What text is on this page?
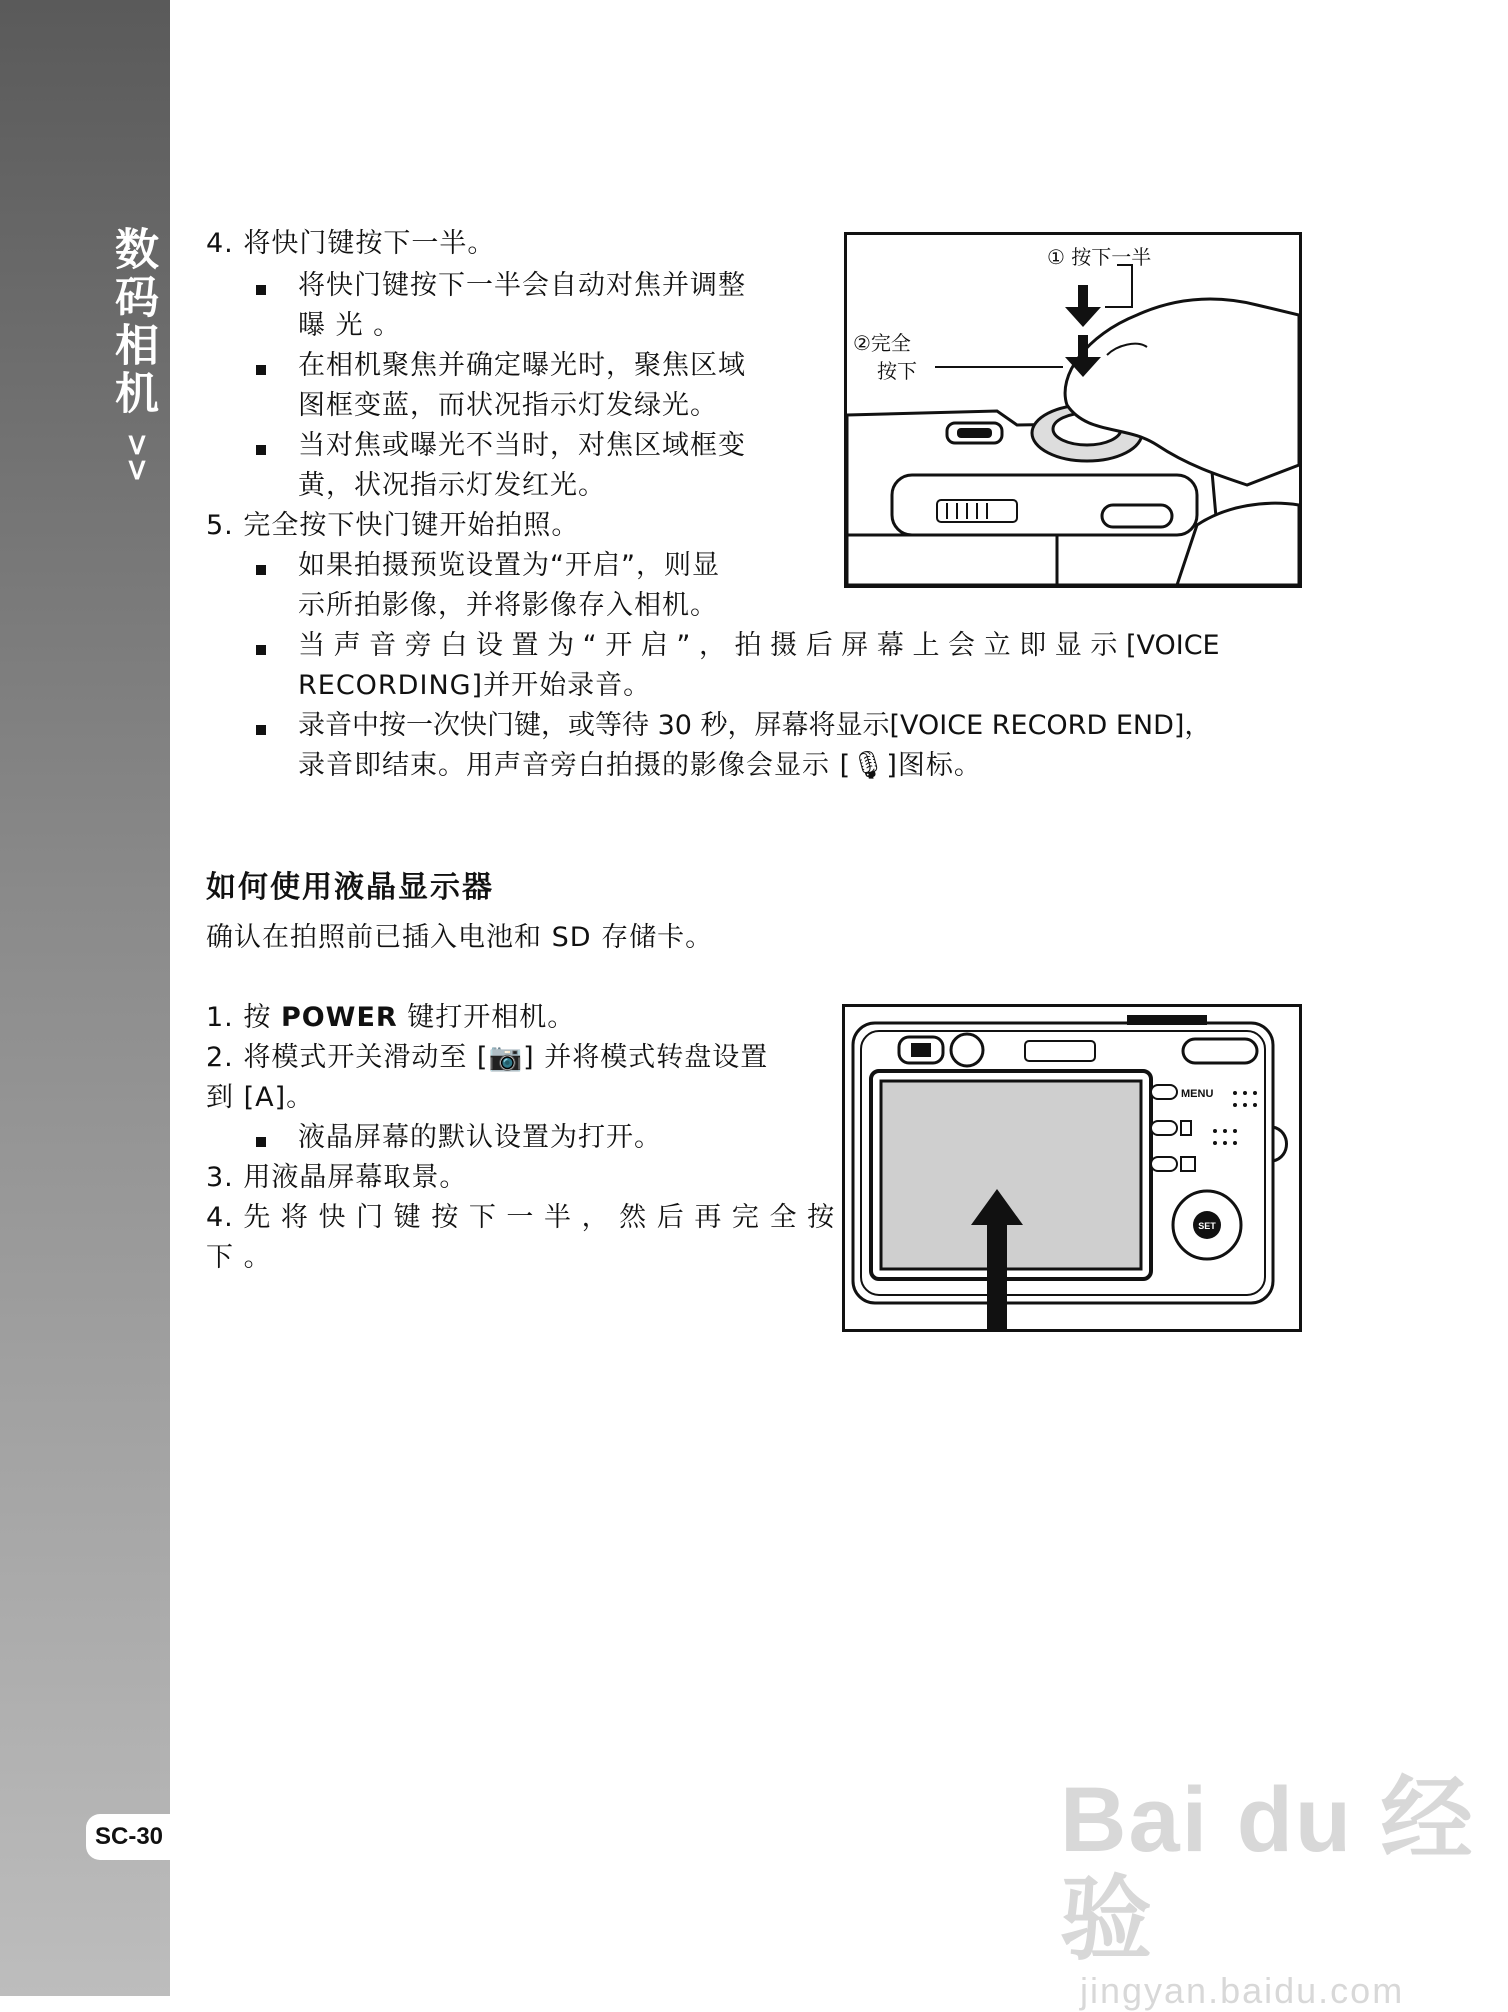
数码相机
>>
SC-30
4. 将快门键按下一半。
将快门键按下一半会自动对焦并调整
曝 光 。
在相机聚焦并确定曝光时，聚焦区域
图框变蓝，而状况指示灯发绿光。
当对焦或曝光不当时，对焦区域框变
黄，状况指示灯发红光。
5. 完全按下快门键开始拍照。
如果拍摄预览设置为“开启”，则显
示所拍影像，并将影像存入相机。
当 声 音 旁 白 设 置 为 “ 开 启 ” ， 拍 摄 后 屏 幕 上 会 立 即 显 示 [VOICE
RECORDING]并开始录音。
录音中按一次快门键，或等待 30 秒，屏幕将显示[VOICE RECORD END]，
录音即结束。用声音旁白拍摄的影像会显示 [🎙]图标。
① 按下一半
②完全
按下
如何使用液晶显示器
确认在拍照前已插入电池和 SD 存储卡。
1. 按 POWER 键打开相机。
2. 将模式开关滑动至 [📷] 并将模式转盘设置
到 [A]。
液晶屏幕的默认设置为打开。
3. 用液晶屏幕取景。
4. 先 将 快 门 键 按 下 一 半 ， 然 后 再 完 全 按
下 。
MENU
SET
Bai du 经验
jingyan.baidu.com
